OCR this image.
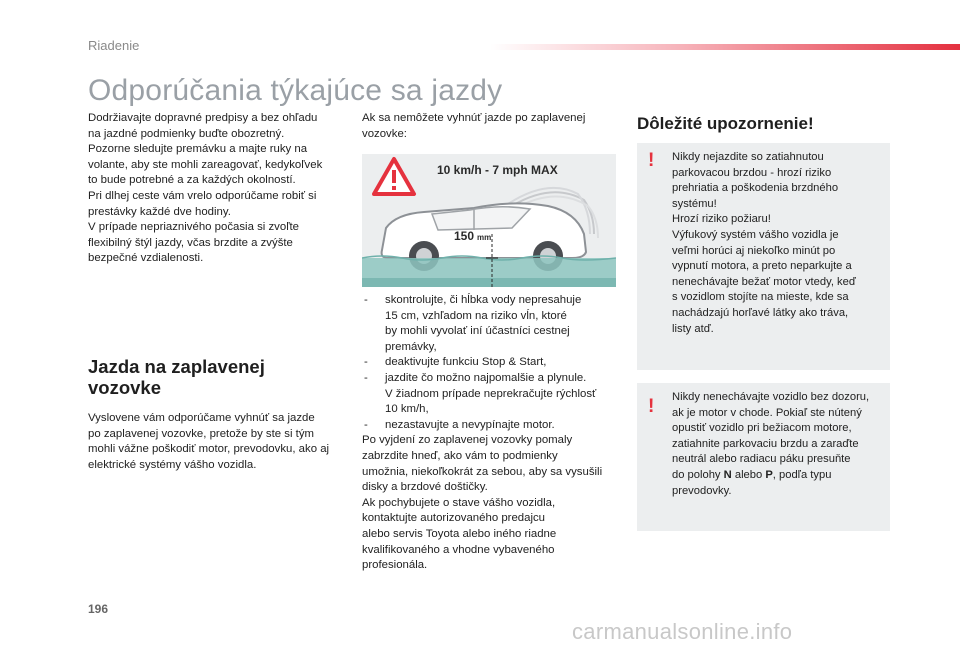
Riadenie
Odporúčania týkajúce sa jazdy

Dodržiavajte dopravné predpisy a bez ohľadu

na jazdné podmienky buďte obozretný.

Pozorne sledujte premávku a majte ruky na

volante, aby ste mohli zareagovať, kedykoľvek

to bude potrebné a za každých okolností.

Pri dlhej ceste vám vrelo odporúčame robiť si

prestávky každé dve hodiny.

V prípade nepriaznivého počasia si zvoľte

flexibilný štýl jazdy, včas brzdite a zvýšte

bezpečné vzdialenosti.

Jazda na zaplavenej
vozovke

Vyslovene vám odporúčame vyhnúť sa jazde

po zaplavenej vozovke, pretože by ste si tým

mohli vážne poškodiť motor, prevodovku, ako aj

elektrické systémy vášho vozidla.

Ak sa nemôžete vyhnúť jazde po zaplavenej

vozovke:

10 km/h - 7 mph MAX
150 mm
- skontrolujte, či hĺbka vody nepresahuje

15 cm, vzhľadom na riziko vĺn, ktoré

by mohli vyvolať iní účastníci cestnej

premávky,

- deaktivujte funkciu Stop & Start,

- jazdite čo možno najpomalšie a plynule.

V žiadnom prípade neprekračujte rýchlosť

10 km/h,

- nezastavujte a nevypínajte motor.

Po vyjdení zo zaplavenej vozovky pomaly

zabrzdite hneď, ako vám to podmienky

umožnia, niekoľkokrát za sebou, aby sa vysušili

disky a brzdové doštičky.

Ak pochybujete o stave vášho vozidla,

kontaktujte autorizovaného predajcu

alebo servis Toyota alebo iného riadne

kvalifikovaného a vhodne vybaveného

profesionála.

Dôležité upozornenie!
! Nikdy nejazdite so zatiahnutou

parkovacou brzdou - hrozí riziko

prehriatia a poškodenia brzdného

systému!

Hrozí riziko požiaru!

Výfukový systém vášho vozidla je

veľmi horúci aj niekoľko minút po

vypnutí motora, a preto neparkujte a

nenechávajte bežať motor vtedy, keď

s vozidlom stojíte na mieste, kde sa

nachádzajú horľavé látky ako tráva,

listy atď.

! Nikdy nenechávajte vozidlo bez dozoru,

ak je motor v chode. Pokiaľ ste nútený

opustiť vozidlo pri bežiacom motore,

zatiahnite parkovaciu brzdu a zaraďte

neutrál alebo radiacu páku presuňte

do polohy N alebo P, podľa typu

prevodovky.

196
carmanualsonline.info
